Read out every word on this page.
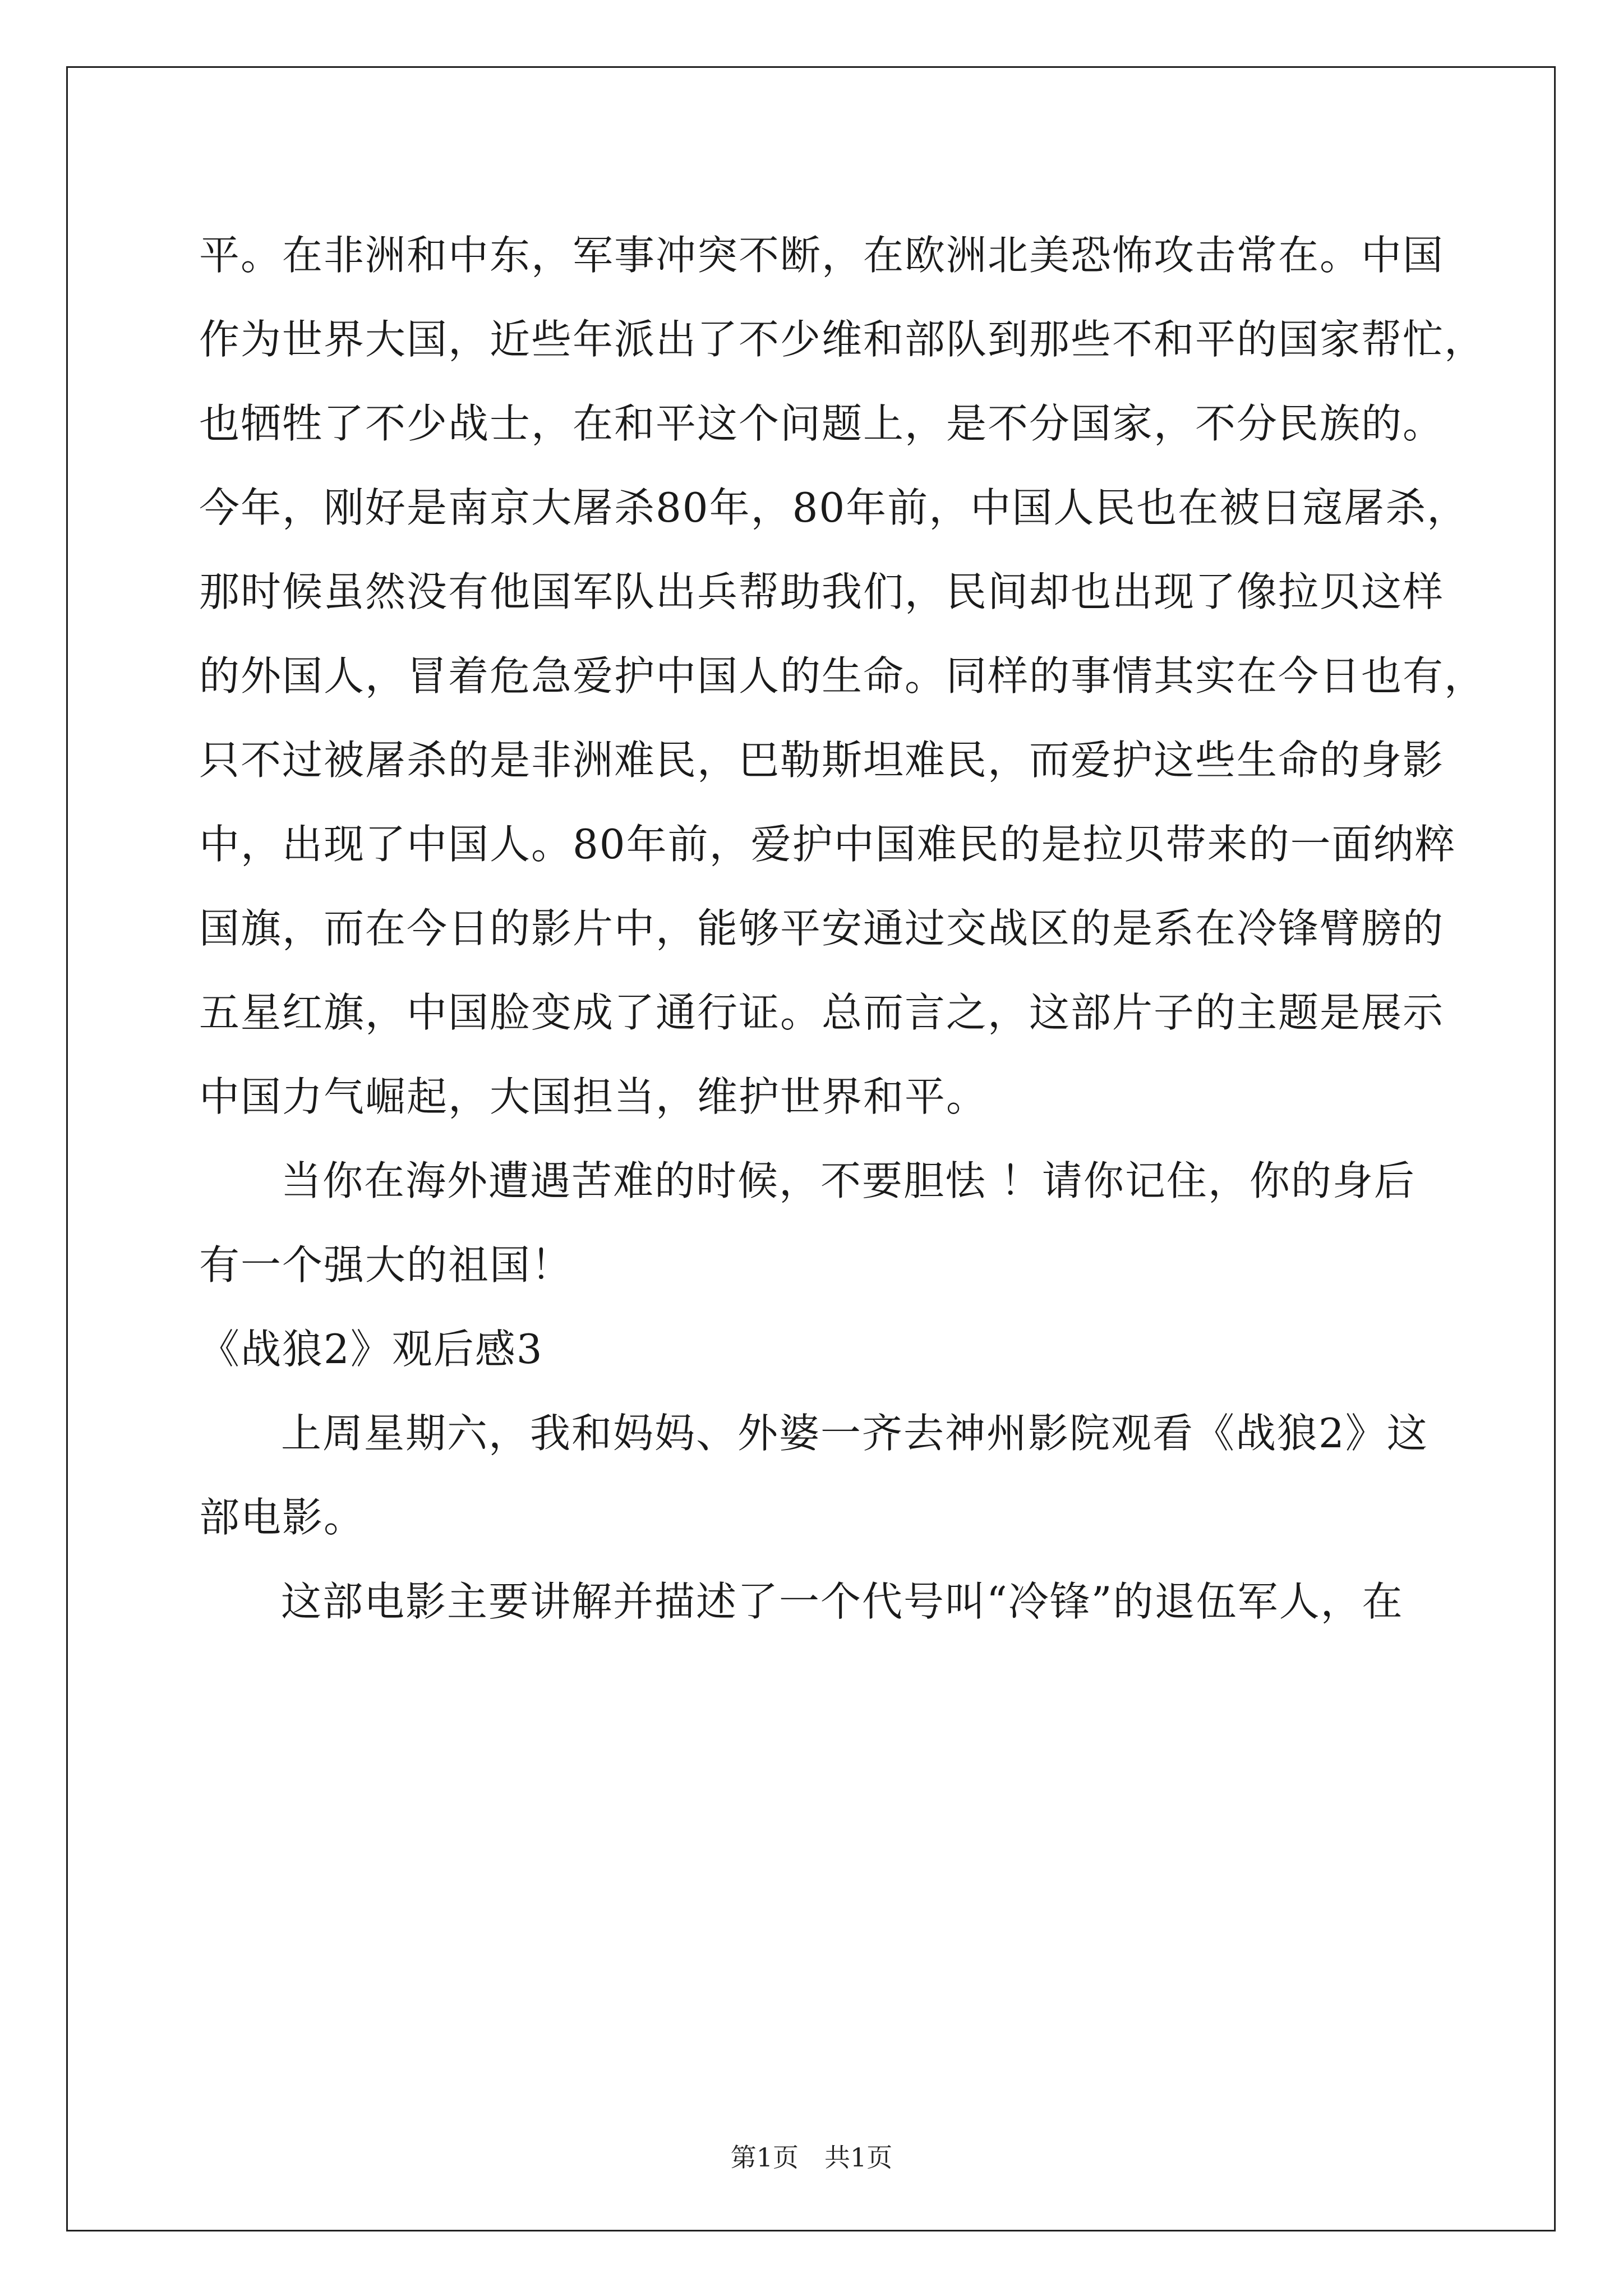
平。在非洲和中东，军事冲突不断，在欧洲北美恐怖攻击常在。中国
作为世界大国，近些年派出了不少维和部队到那些不和平的国家帮忙，
也牺牲了不少战士，在和平这个问题上，是不分国家，不分民族的。
今年，刚好是南京大屠杀80年，80年前，中国人民也在被日寇屠杀，
那时候虽然没有他国军队出兵帮助我们，民间却也出现了像拉贝这样
的外国人，冒着危急爱护中国人的生命。同样的事情其实在今日也有，
只不过被屠杀的是非洲难民，巴勒斯坦难民，而爱护这些生命的身影
中，出现了中国人。80年前，爱护中国难民的是拉贝带来的一面纳粹
国旗，而在今日的影片中，能够平安通过交战区的是系在冷锋臂膀的
五星红旗，中国脸变成了通行证。总而言之，这部片子的主题是展示
中国力气崛起，大国担当，维护世界和平。
当你在海外遭遇苦难的时候，不要胆怯 ！请你记住，你的身后
有一个强大的祖国！
《战狼2》观后感3
上周星期六，我和妈妈、外婆一齐去神州影院观看《战狼2》这
部电影。
这部电影主要讲解并描述了一个代号叫“冷锋”的退伍军人，在
第1页　共1页
